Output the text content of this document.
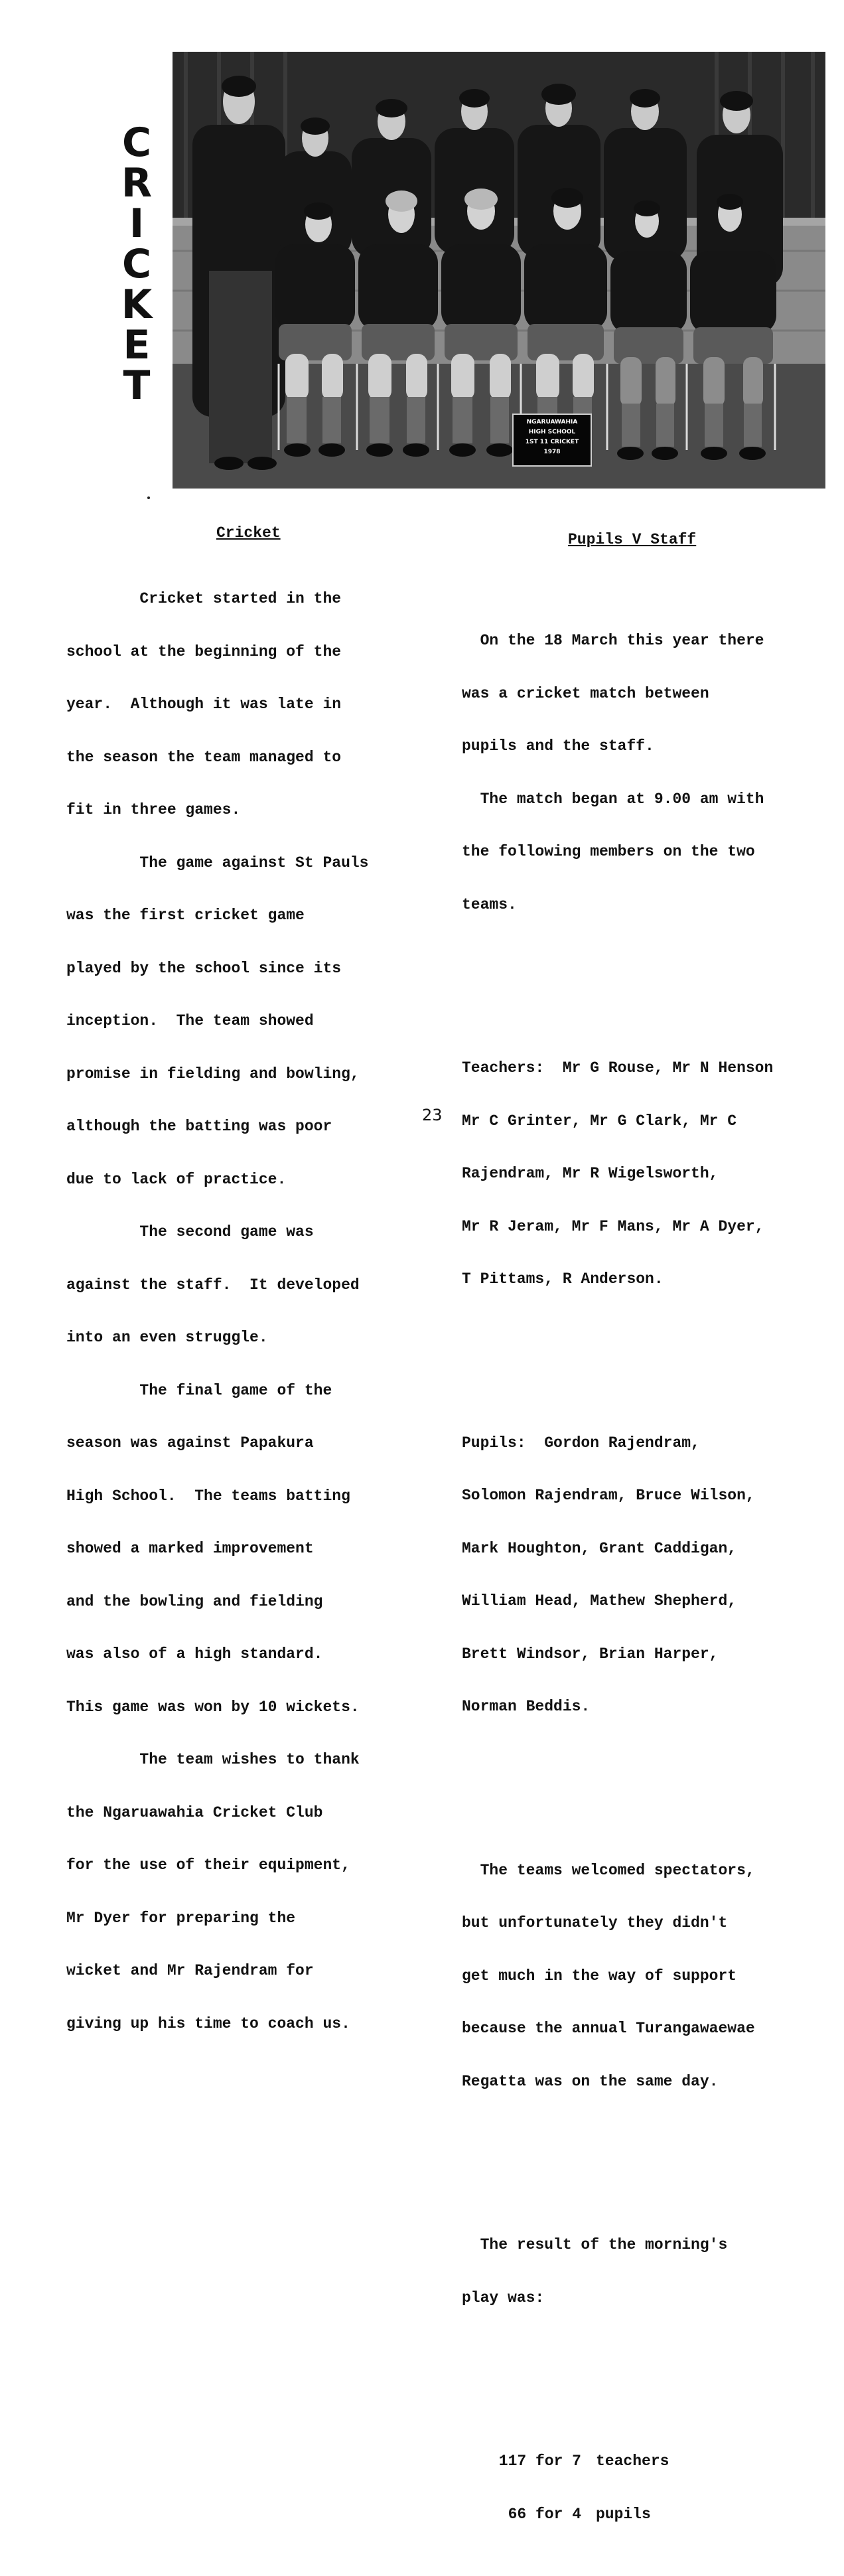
C
R
I
C
K
E
T
NGARUAWAHIA
HIGH SCHOOL
1ST 11 CRICKET
1978
Cricket

Cricket started in the

school at the beginning of the

year.  Although it was late in

the season the team managed to

fit in three games.

The game against St Pauls

was the first cricket game

played by the school since its

inception.  The team showed

promise in fielding and bowling,

although the batting was poor

due to lack of practice.

The second game was

against the staff.  It developed

into an even struggle.

The final game of the

season was against Papakura

High School.  The teams batting

showed a marked improvement

and the bowling and fielding

was also of a high standard.

This game was won by 10 wickets.

The team wishes to thank

the Ngaruawahia Cricket Club

for the use of their equipment,

Mr Dyer for preparing the

wicket and Mr Rajendram for

giving up his time to coach us.

Pupils V Staff

On the 18 March this year there

was a cricket match between

pupils and the staff.

The match began at 9.00 am with

the following members on the two

teams.

Teachers:  Mr G Rouse, Mr N Henson

Mr C Grinter, Mr G Clark, Mr C

Rajendram, Mr R Wigelsworth,

Mr R Jeram, Mr F Mans, Mr A Dyer,

T Pittams, R Anderson.

Pupils:  Gordon Rajendram,

Solomon Rajendram, Bruce Wilson,

Mark Houghton, Grant Caddigan,

William Head, Mathew Shepherd,

Brett Windsor, Brian Harper,

Norman Beddis.

The teams welcomed spectators,

but unfortunately they didn't

get much in the way of support

because the annual Turangawaewae

Regatta was on the same day.

The result of the morning's

play was:

117 for 7 teachers

66 for 4 pupils

23
